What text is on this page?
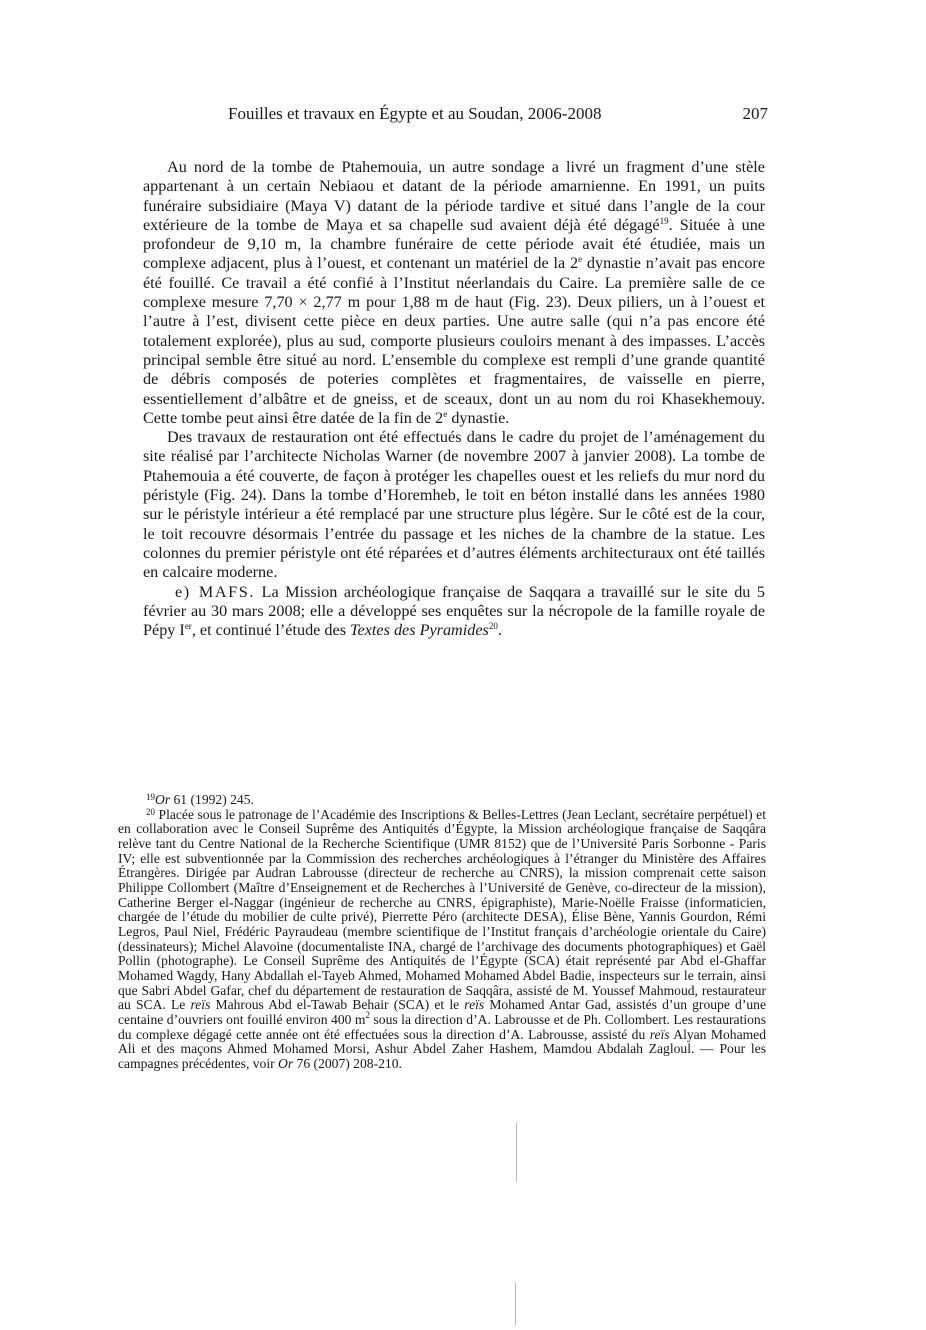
Fouilles et travaux en Égypte et au Soudan, 2006-2008	207

Au nord de la tombe de Ptahemouia, un autre sondage a livré un fragment d’une stèle appartenant à un certain Nebiaou et datant de la période amarnienne. En 1991, un puits funéraire subsidiaire (Maya V) datant de la période tardive et situé dans l’angle de la cour extérieure de la tombe de Maya et sa chapelle sud avaient déjà été dégagé$^{19}$. Située à une profondeur de 9,10 m, la chambre funéraire de cette période avait été étudiée, mais un complexe adjacent, plus à l’ouest, et contenant un matériel de la 2e dynastie n’avait pas encore été fouillé. Ce travail a été confié à l’Institut néerlandais du Caire. La première salle de ce complexe mesure 7,70 × 2,77 m pour 1,88 m de haut (Fig. 23). Deux piliers, un à l’ouest et l’autre à l’est, divisent cette pièce en deux parties. Une autre salle (qui n’a pas encore été totalement explorée), plus au sud, comporte plusieurs couloirs menant à des impasses. L’accès principal semble être situé au nord. L’ensemble du complexe est rempli d’une grande quantité de débris composés de poteries complètes et fragmentaires, de vaisselle en pierre, essentiellement d’albâtre et de gneiss, et de sceaux, dont un au nom du roi Khasekhemouy. Cette tombe peut ainsi être datée de la fin de 2e dynastie.

Des travaux de restauration ont été effectués dans le cadre du projet de l’aménagement du site réalisé par l’architecte Nicholas Warner (de novembre 2007 à janvier 2008). La tombe de Ptahemouia a été couverte, de façon à protéger les chapelles ouest et les reliefs du mur nord du péristyle (Fig. 24). Dans la tombe d’Horemheb, le toit en béton installé dans les années 1980 sur le péristyle intérieur a été remplacé par une structure plus légère. Sur le côté est de la cour, le toit recouvre désormais l’entrée du passage et les niches de la chambre de la statue. Les colonnes du premier péristyle ont été réparées et d’autres éléments architecturaux ont été taillés en calcaire moderne.

e) MAFS. La Mission archéologique française de Saqqara a travaillé sur le site du 5 février au 30 mars 2008; elle a développé ses enquêtes sur la nécropole de la famille royale de Pépy Ier, et continué l’étude des Textes des Pyramides$^{20}$.

$^{19}$Or 61 (1992) 245.

$^{20}$ Placée sous le patronage de l’Académie des Inscriptions & Belles-Lettres (Jean Leclant, secrétaire perpétuel) et en collaboration avec le Conseil Suprême des Antiquités d’Égypte, la Mission archéologique française de Saqqâra relève tant du Centre National de la Recherche Scientifique (UMR 8152) que de l’Université Paris Sorbonne - Paris IV; elle est subventionnée par la Commission des recherches archéologiques à l’étranger du Ministère des Affaires Étrangères. Dirigée par Audran Labrousse (directeur de recherche au CNRS), la mission comprenait cette saison Philippe Collombert (Maître d’Enseignement et de Recherches à l’Université de Genève, co-directeur de la mission), Catherine Berger el-Naggar (ingénieur de recherche au CNRS, épigraphiste), Marie-Noëlle Fraisse (informaticien, chargée de l’étude du mobilier de culte privé), Pierrette Péro (architecte DESA), Élise Bène, Yannis Gourdon, Rémi Legros, Paul Niel, Frédéric Payraudeau (membre scientifique de l’Institut français d’archéologie orientale du Caire) (dessinateurs); Michel Alavoine (documentaliste INA, chargé de l’archivage des documents photographiques) et Gaël Pollin (photographe). Le Conseil Suprême des Antiquités de l’Égypte (SCA) était représenté par Abd el-Ghaffar Mohamed Wagdy, Hany Abdallah el-Tayeb Ahmed, Mohamed Mohamed Abdel Badie, inspecteurs sur le terrain, ainsi que Sabri Abdel Gafar, chef du département de restauration de Saqqâra, assisté de M. Youssef Mahmoud, restaurateur au SCA. Le reïs Mahrous Abd el-Tawab Behair (SCA) et le reïs Mohamed Antar Gad, assistés d’un groupe d’une centaine d’ouvriers ont fouillé environ 400 $m^2$ sous la direction d’A. Labrousse et de Ph. Collombert. Les restaurations du complexe dégagé cette année ont été effectuées sous la direction d’A. Labrousse, assisté du reïs Alyan Mohamed Ali et des maçons Ahmed Mohamed Morsi, Ashur Abdel Zaher Hashem, Mamdou Abdalah Zagloul. — Pour les campagnes précédentes, voir Or 76 (2007) 208-210.
